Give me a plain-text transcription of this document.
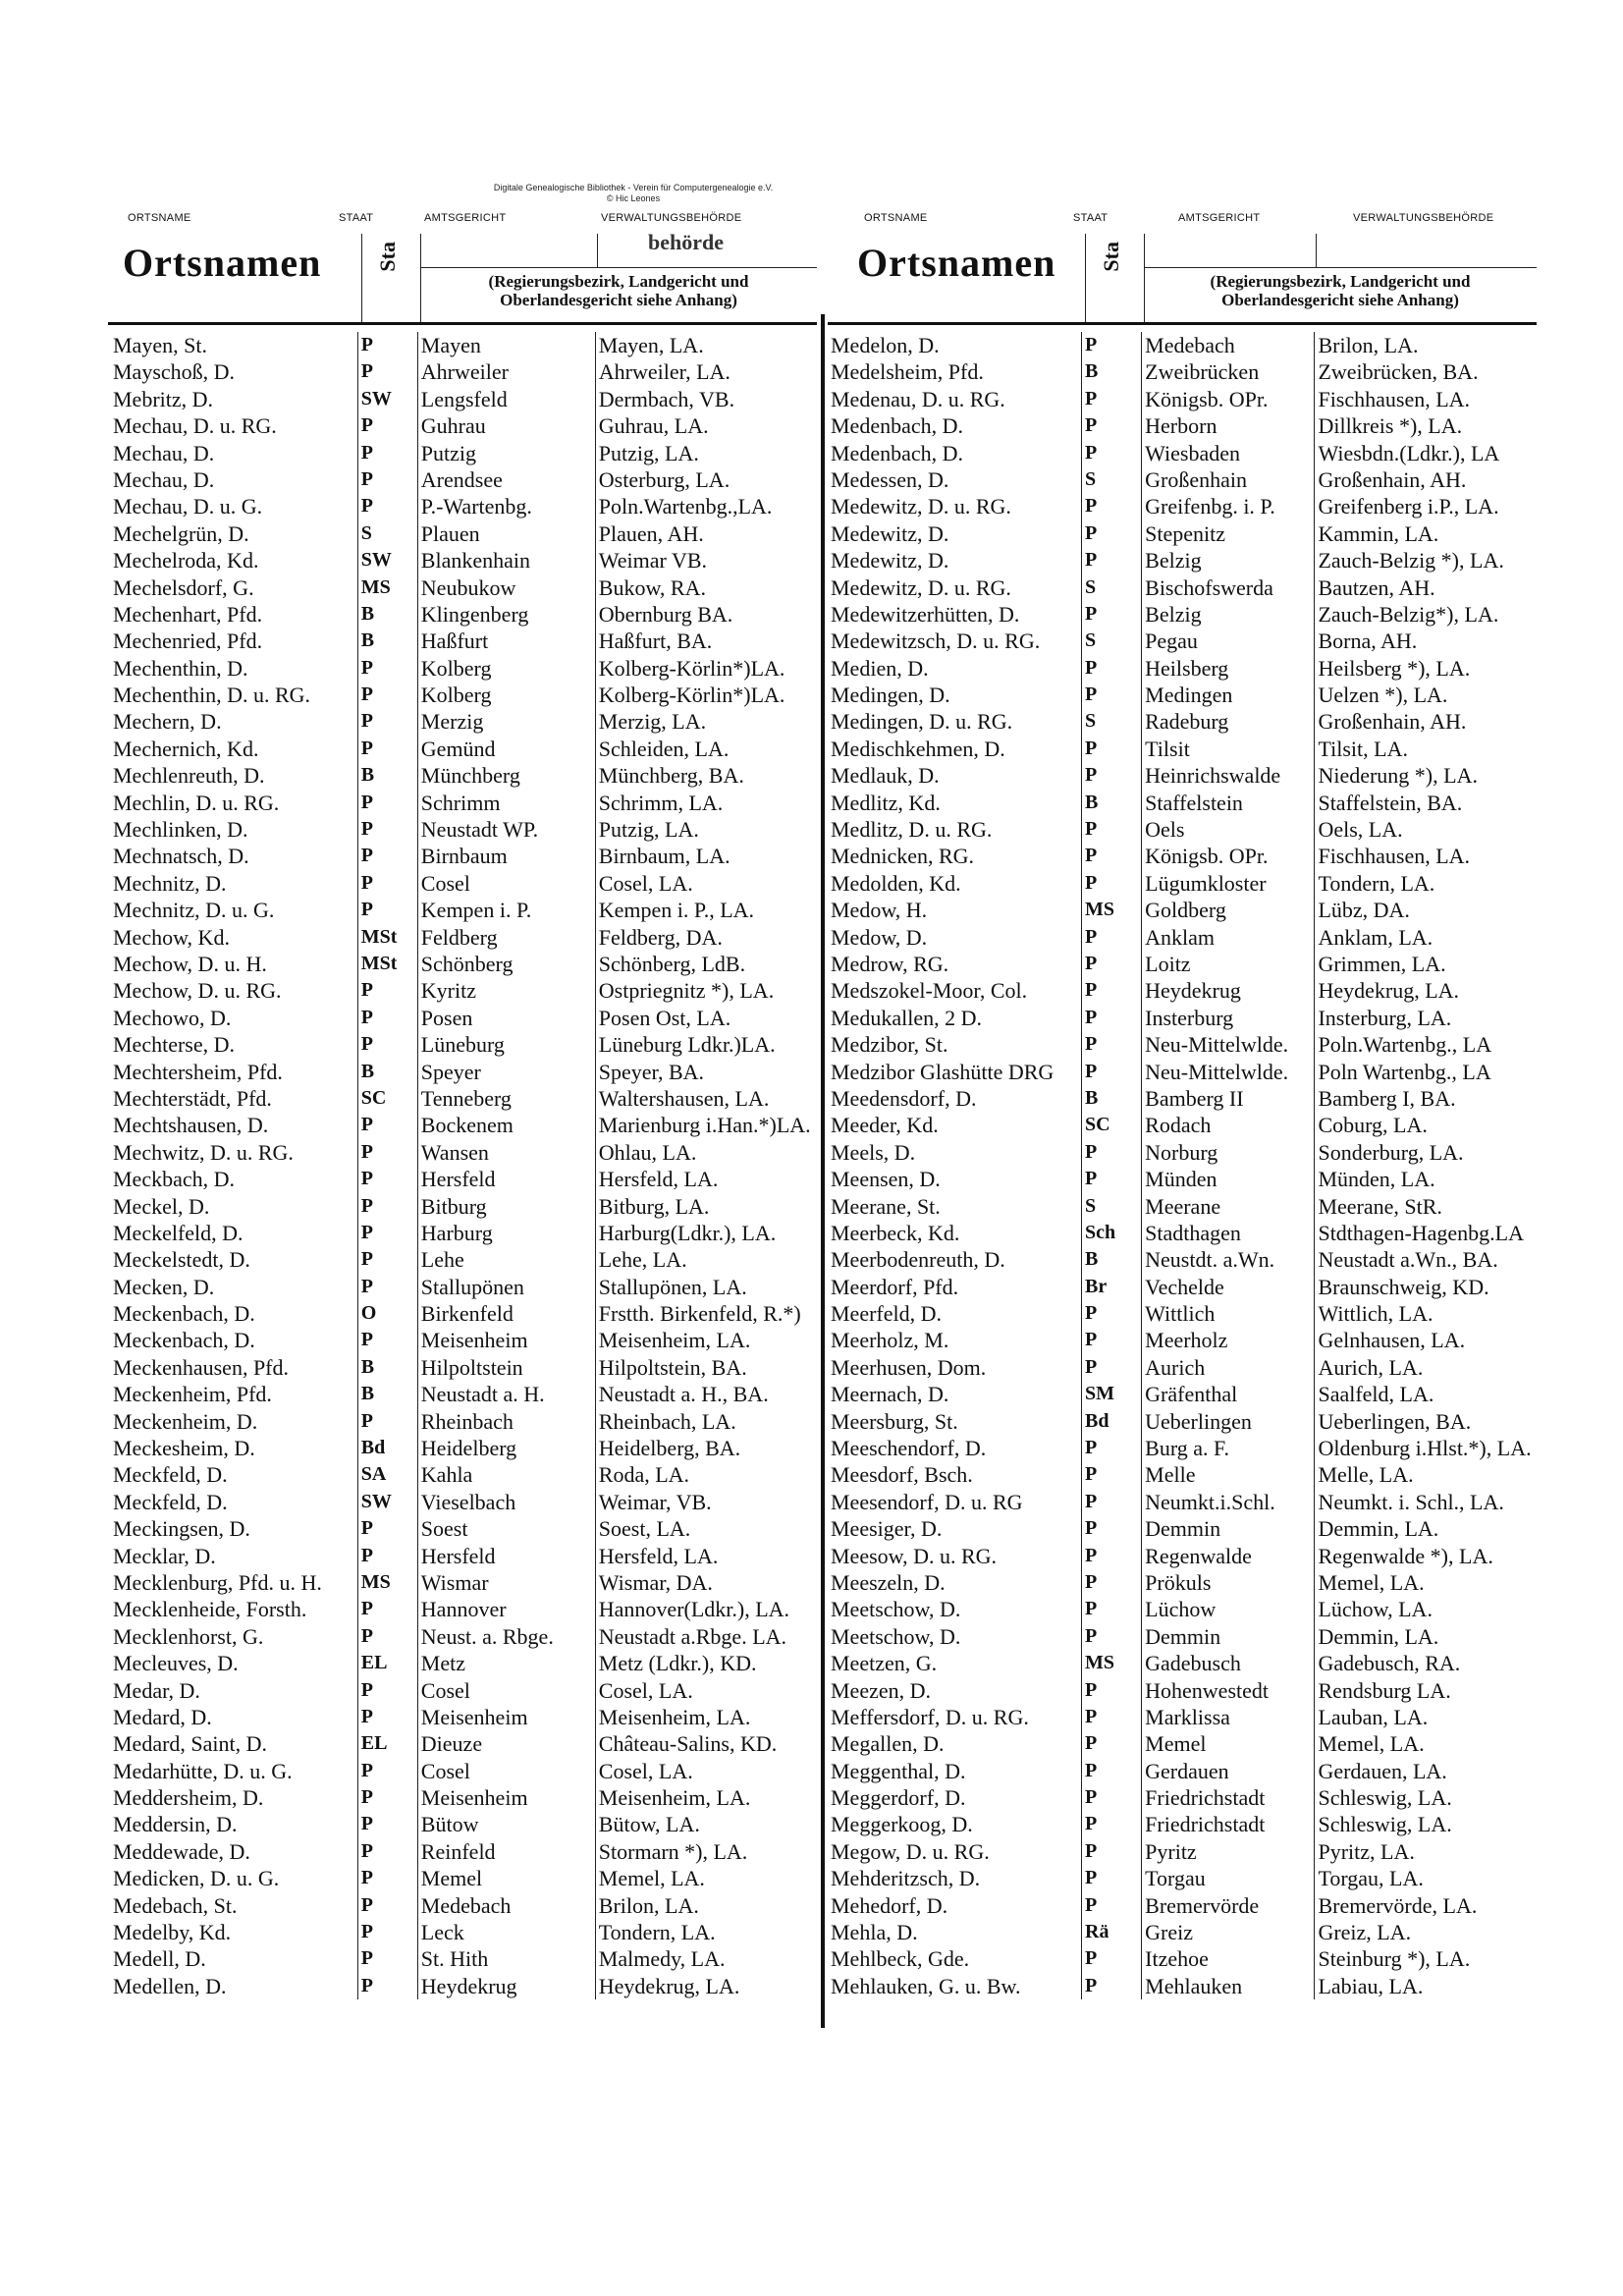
Digitale Genealogische Bibliothek - Verein für Computergenealogie e.V.
© Hic Leones
ORTSNAME	STAAT	AMTSGERICHT	VERWALTUNGSBEHÖRDE	ORTSNAME	STAAT	AMTSGERICHT	VERWALTUNGSBEHÖRDE
Ortsnamen Sta	behörde
(Regierungsbezirk, Landgericht und Oberlandesgericht siehe Anhang)
Ortsnamen Sta
(Regierungsbezirk, Landgericht und Oberlandesgericht siehe Anhang)
Mayen, St.	P	Mayen	Mayen, LA.
Mayschoß, D.	P	Ahrweiler	Ahrweiler, LA.
Mebritz, D.	SW	Lengsfeld	Dermbach, VB.
Mechau, D. u. RG.	P	Guhrau	Guhrau, LA.
Mechau, D.	P	Putzig	Putzig, LA.
Mechau, D.	P	Arendsee	Osterburg, LA.
Mechau, D. u. G.	P	P.-Wartenbg.	Poln.Wartenbg.,LA.
Mechelgrün, D.	S	Plauen	Plauen, AH.
Mechelroda, Kd.	SW	Blankenhain	Weimar VB.
Mechelsdorf, G.	MS	Neubukow	Bukow, RA.
Mechenhart, Pfd.	B	Klingenberg	Obernburg BA.
Mechenried, Pfd.	B	Haßfurt	Haßfurt, BA.
Mechenthin, D.	P	Kolberg	Kolberg-Körlin*)LA.
Mechenthin, D. u. RG.	P	Kolberg	Kolberg-Körlin*)LA.
Mechern, D.	P	Merzig	Merzig, LA.
Mechernich, Kd.	P	Gemünd	Schleiden, LA.
Mechlenreuth, D.	B	Münchberg	Münchberg, BA.
Mechlin, D. u. RG.	P	Schrimm	Schrimm, LA.
Mechlinken, D.	P	Neustadt WP.	Putzig, LA.
Mechnatsch, D.	P	Birnbaum	Birnbaum, LA.
Mechnitz, D.	P	Cosel	Cosel, LA.
Mechnitz, D. u. G.	P	Kempen i. P.	Kempen i. P., LA.
Mechow, Kd.	MSt	Feldberg	Feldberg, DA.
Mechow, D. u. H.	MSt	Schönberg	Schönberg, LdB.
Mechow, D. u. RG.	P	Kyritz	Ostpriegnitz *), LA.
Mechowo, D.	P	Posen	Posen Ost, LA.
Mechterse, D.	P	Lüneburg	Lüneburg Ldkr.)LA.
Mechtersheim, Pfd.	B	Speyer	Speyer, BA.
Mechterstädt, Pfd.	SC	Tenneberg	Waltershausen, LA.
Mechtshausen, D.	P	Bockenem	Marienburg i.Han.*)LA.
Mechwitz, D. u. RG.	P	Wansen	Ohlau, LA.
Meckbach, D.	P	Hersfeld	Hersfeld, LA.
Meckel, D.	P	Bitburg	Bitburg, LA.
Meckelfeld, D.	P	Harburg	Harburg(Ldkr.), LA.
Meckelstedt, D.	P	Lehe	Lehe, LA.
Mecken, D.	P	Stallupönen	Stallupönen, LA.
Meckenbach, D.	O	Birkenfeld	Frstth. Birkenfeld, R.*)
Meckenbach, D.	P	Meisenheim	Meisenheim, LA.
Meckenhausen, Pfd.	B	Hilpoltstein	Hilpoltstein, BA.
Meckenheim, Pfd.	B	Neustadt a. H.	Neustadt a. H., BA.
Meckenheim, D.	P	Rheinbach	Rheinbach, LA.
Meckesheim, D.	Bd	Heidelberg	Heidelberg, BA.
Meckfeld, D.	SA	Kahla	Roda, LA.
Meckfeld, D.	SW	Vieselbach	Weimar, VB.
Meckingsen, D.	P	Soest	Soest, LA.
Mecklar, D.	P	Hersfeld	Hersfeld, LA.
Mecklenburg, Pfd. u. H.	MS	Wismar	Wismar, DA.
Mecklenheide, Forsth.	P	Hannover	Hannover(Ldkr.), LA.
Mecklenhorst, G.	P	Neust. a. Rbge.	Neustadt a.Rbge. LA.
Mecleuves, D.	EL	Metz	Metz (Ldkr.), KD.
Medar, D.	P	Cosel	Cosel, LA.
Medard, D.	P	Meisenheim	Meisenheim, LA.
Medard, Saint, D.	EL	Dieuze	Château-Salins, KD.
Medarhütte, D. u. G.	P	Cosel	Cosel, LA.
Meddersheim, D.	P	Meisenheim	Meisenheim, LA.
Meddersin, D.	P	Bütow	Bütow, LA.
Meddewade, D.	P	Reinfeld	Stormarn *), LA.
Medicken, D. u. G.	P	Memel	Memel, LA.
Medebach, St.	P	Medebach	Brilon, LA.
Medelby, Kd.	P	Leck	Tondern, LA.
Medell, D.	P	St. Hith	Malmedy, LA.
Medellen, D.	P	Heydekrug	Heydekrug, LA.
Medelon, D.	P	Medebach	Brilon, LA.
Medelsheim, Pfd.	B	Zweibrücken	Zweibrücken, BA.
Medenau, D. u. RG.	P	Königsb. OPr.	Fischhausen, LA.
Medenbach, D.	P	Herborn	Dillkreis *), LA.
Medenbach, D.	P	Wiesbaden	Wiesbdn.(Ldkr.), LA
Medessen, D.	S	Großenhain	Großenhain, AH.
Medewitz, D. u. RG.	P	Greifenbg. i. P.	Greifenberg i.P., LA.
Medewitz, D.	P	Stepenitz	Kammin, LA.
Medewitz, D.	P	Belzig	Zauch-Belzig *), LA.
Medewitz, D. u. RG.	S	Bischofswerda	Bautzen, AH.
Medewitzerhütten, D.	P	Belzig	Zauch-Belzig*), LA.
Medewitzsch, D. u. RG.	S	Pegau	Borna, AH.
Medien, D.	P	Heilsberg	Heilsberg *), LA.
Medingen, D.	P	Medingen	Uelzen *), LA.
Medingen, D. u. RG.	S	Radeburg	Großenhain, AH.
Medischkehmen, D.	P	Tilsit	Tilsit, LA.
Medlauk, D.	P	Heinrichswalde	Niederung *), LA.
Medlitz, Kd.	B	Staffelstein	Staffelstein, BA.
Medlitz, D. u. RG.	P	Oels	Oels, LA.
Mednicken, RG.	P	Königsb. OPr.	Fischhausen, LA.
Medolden, Kd.	P	Lügumkloster	Tondern, LA.
Medow, H.	MS	Goldberg	Lübz, DA.
Medow, D.	P	Anklam	Anklam, LA.
Medrow, RG.	P	Loitz	Grimmen, LA.
Medszokel-Moor, Col.	P	Heydekrug	Heydekrug, LA.
Medukallen, 2 D.	P	Insterburg	Insterburg, LA.
Medzibor, St.	P	Neu-Mittelwlde.	Poln.Wartenbg., LA
Medzibor Glashütte DRG	P	Neu-Mittelwlde.	Poln Wartenbg., LA
Meedensdorf, D.	B	Bamberg II	Bamberg I, BA.
Meeder, Kd.	SC	Rodach	Coburg, LA.
Meels, D.	P	Norburg	Sonderburg, LA.
Meensen, D.	P	Münden	Münden, LA.
Meerane, St.	S	Meerane	Meerane, StR.
Meerbeck, Kd.	Sch	Stadthagen	Stdthagen-Hagenbg.LA
Meerbodenreuth, D.	B	Neustdt. a.Wn.	Neustadt a.Wn., BA.
Meerdorf, Pfd.	Br	Vechelde	Braunschweig, KD.
Meerfeld, D.	P	Wittlich	Wittlich, LA.
Meerholz, M.	P	Meerholz	Gelnhausen, LA.
Meerhusen, Dom.	P	Aurich	Aurich, LA.
Meernach, D.	SM	Gräfenthal	Saalfeld, LA.
Meersburg, St.	Bd	Ueberlingen	Ueberlingen, BA.
Meeschendorf, D.	P	Burg a. F.	Oldenburg i.Hlst.*), LA.
Meesdorf, Bsch.	P	Melle	Melle, LA.
Meesendorf, D. u. RG	P	Neumkt.i.Schl.	Neumkt. i. Schl., LA.
Meesiger, D.	P	Demmin	Demmin, LA.
Meesow, D. u. RG.	P	Regenwalde	Regenwalde *), LA.
Meeszeln, D.	P	Prökuls	Memel, LA.
Meetschow, D.	P	Lüchow	Lüchow, LA.
Meetschow, D.	P	Demmin	Demmin, LA.
Meetzen, G.	MS	Gadebusch	Gadebusch, RA.
Meezen, D.	P	Hohenwestedt	Rendsburg LA.
Meffersdorf, D. u. RG.	P	Marklissa	Lauban, LA.
Megallen, D.	P	Memel	Memel, LA.
Meggenthal, D.	P	Gerdauen	Gerdauen, LA.
Meggerdorf, D.	P	Friedrichstadt	Schleswig, LA.
Meggerkoog, D.	P	Friedrichstadt	Schleswig, LA.
Megow, D. u. RG.	P	Pyritz	Pyritz, LA.
Mehderitzsch, D.	P	Torgau	Torgau, LA.
Mehedorf, D.	P	Bremervörde	Bremervörde, LA.
Mehla, D.	Rä	Greiz	Greiz, LA.
Mehlbeck, Gde.	P	Itzehoe	Steinburg *), LA.
Mehlauken, G. u. Bw.	P	Mehlauken	Labiau, LA.
